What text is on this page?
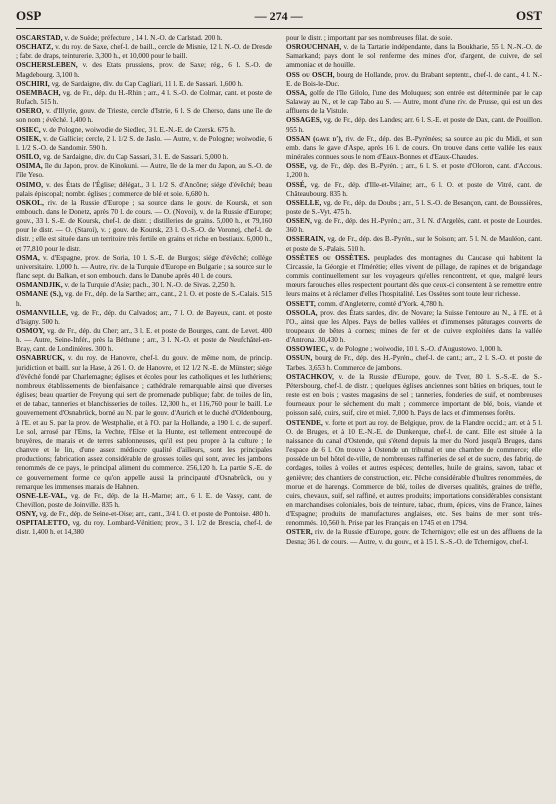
OSP	— 274 —	OST

OSCARSTAD, v. de Suède; préfecture , 14 l. N.-O. de Carlstad. 200 h.

OSCHATZ, v. du roy. de Saxe, chef-l. de baill., cercle de Misnie, 12 l. N.-O. de Dresde ; fabr. de draps, teinturerie. 3,300 h., et 10,000 pour le baill.

OSCHERSLEBEN, v. des Etats prussiens, prov. de Saxe; rég., 6 l. S.-O. de Magdebourg. 3,100 h.

OSCHIRI, vg. de Sardaigne, div. du Cap Cagliari, 11 l. E. de Sassari. 1,600 h.

OSEMBACH, vg. de Fr., dép. du H.-Rhin ; arr., 4 l. S.-O. de Colmar, cant. et poste de Rufach. 515 h.

OSERO, v. d'Illyrie, gouv. de Trieste, cercle d'Istrie, 6 l. S de Cherso, dans une île de son nom ; évêché. 1,400 h.

OSIEC, v. de Pologne, woiwodie de Siedlec, 3 l. E.-N.-E. de Czersk. 675 h.

OSIEK, v. de Gallicie; cercle, 2 l. 1/2 S. de Jaslo. — Autre, v. de Pologne; woiwodie, 6 l. 1/2 S.-O. de Sandomir. 590 h.

OSILO, vg. de Sardaigne, div. du Cap Sassari, 3 l. E. de Sassari. 5,000 h.

OSIMA, île du Japon, prov. de Kinokuni. — Autre, île de la mer du Japon, au S.-O. de l'île Yeso.

OSIMO, v. des États de l'Église; délégat., 3 l. 1/2 S. d'Ancône; siége d'évêché; beau palais épiscopal; nombr. églises ; commerce de blé et soie. 6,680 h.

OSKOL, riv. de la Russie d'Europe ; sa source dans le gouv. de Koursk, et son embouch. dans le Donetz, après 70 l. de cours. — O. (Novoi), v. de la Russie d'Europe; gouv., 33 l. S.-E. de Koursk, chef-l. de distr. ; distilleries de grains. 5,000 h., et 79,160 pour le distr. — O. (Staroi), v. ; gouv. de Koursk, 23 l. O.-S.-O. de Voronej, chef-l. de distr. ; elle est située dans un territoire très fertile en grains et riche en bestiaux. 6,000 h., et 77,810 pour le distr.

OSMA, v. d'Espagne, prov. de Soria, 10 l. S.-E. de Burgos; siége d'évêché; collège universitaire. 1,000 h. — Autre, riv. de la Turquie d'Europe en Bulgarie ; sa source sur le flanc sept. du Balkan, et son embouch. dans le Danube après 40 l. de cours.

OSMANDJIK, v. de la Turquie d'Asie; pach., 30 l. N.-O. de Sivas. 2,250 h.

OSMANE (S.), vg. de Fr., dép. de la Sarthe; arr., cant., 2 l. O. et poste de S.-Calais. 515 h.

OSMANVILLE, vg. de Fr., dép. du Calvados; arr., 7 l. O. de Bayeux, cant. et poste d'Isigny. 500 h.

OSMOY, vg. de Fr., dép. du Cher; arr., 3 l. E. et poste de Bourges, cant. de Levet. 400 h. — Autre, Seine-Infér., près la Béthune ; arr., 3 l. N.-O. et poste de Neufchâtel-en-Bray, cant. de Londinières. 300 h.

OSNABRUCK, v. du roy. de Hanovre, chef-l. du gouv. de même nom, de princip. juridiction et baill. sur la Hase, à 26 l. O. de Hanovre, et 12 1/2 N.-E. de Münster; siége d'évêché fondé par Charlemagne; églises et écoles pour les catholiques et les luthériens; nombreux établissements de bienfaisance ; cathédrale remarquable ainsi que diverses églises; beau quartier de Freyung qui sert de promenade publique; fabr. de toiles de lin, et de tabac, tanneries et blanchisseries de toiles. 12,300 h., et 116,760 pour le baill. Le gouvernement d'Osnabrück, borné au N. par le gouv. d'Aurich et le duché d'Oldenbourg, à l'E. et au S. par la prov. de Westphalie, et à l'O. par la Hollande, a 190 l. c. de superf. Le sol, arrosé par l'Ems, la Vechte, l'Else et la Hunte, est tellement entrecoupé de bruyères, de marais et de terres sablonneuses, qu'il est peu propre à la culture ; le chanvre et le lin, d'une assez médiocre qualité d'ailleurs, sont les principales productions; fabrication assez considérable de grosses toiles qui sont, avec les jambons renommés de ce pays, le principal aliment du commerce. 256,120 h. La partie S.-E. de ce gouvernement forme ce qu'on appelle aussi la principauté d'Osnabrück, ou y remarque les immenses marais de Hahnen.

OSNE-LE-VAL, vg. de Fr., dép. de la H.-Marne; arr., 6 l. E. de Vassy, cant. de Chevillon, poste de Joinville. 835 h.

OSNY, vg. de Fr., dép. de Seine-et-Oise; arr., cant., 3/4 l. O. et poste de Pontoise. 480 h.

OSPITALETTO, vg. du roy. Lombard-Vénitien; prov., 3 l. 1/2 de Brescia, chef-l. de distr. 1,400 h. et 14,380

pour le distr. ; important par ses nombreuses filat. de soie.

OSROUCHNAH, v. de la Tartarie indépendante, dans la Boukharie, 55 l. N.-N.-O. de Samarkand; pays dont le sol renferme des mines d'or, d'argent, de cuivre, de sel ammoniac et de houille.

OSS ou OSCH, bourg de Hollande, prov. du Brabant septentr., chef-l. de cant., 4 l. N.-E. de Bois-le-Duc.

OSSA, golfe de l'île Gilolo, l'une des Moluques; son entrée est déterminée par le cap Salaway au N., et le cap Tabo au S. — Autre, mont d'une riv. de Prusse, qui est un des affluens de la Vistule.

OSSAGES, vg. de Fr., dép. des Landes; arr. 6 l. S.-E. et poste de Dax, cant. de Pouillon. 955 h.

OSSAN (gave d'), riv. de Fr., dép. des B.-Pyrénées; sa source au pic du Midi, et son emb. dans le gave d'Aspe, après 16 l. de cours. On trouve dans cette vallée les eaux minérales connues sous le nom d'Eaux-Bonnes et d'Eaux-Chaudes.

OSSE, vg. de Fr., dép. des B.-Pyrén. ; arr., 6 l. S. et poste d'Oloron, cant. d'Accous. 1,200 h.

OSSÉ, vg. de Fr., dép. d'Ille-et-Vilaine; arr., 6 l. O. et poste de Vitré, cant. de Châteaubourg. 835 h.

OSSELLE, vg. de Fr., dép. du Doubs ; arr., 5 l. S.-O. de Besançon, cant. de Boussières, poste de S.-Vyt. 475 h.

OSSEN, vg. de Fr., dép. des H.-Pyrén.; arr., 3 l. N. d'Argelès, cant. et poste de Lourdes. 360 h.

OSSERAIN, vg. de Fr., dép. des B.-Pyrén., sur le Soison; arr. 5 l. N. de Mauléon, cant. et poste de S.-Palais. 510 h.

OSSÈTES ou OSSÈTES. peuplades des montagnes du Caucase qui habitent la Circassie, la Géorgie et l'Imérétie; elles vivent de pillage, de rapines et de brigandage commis continuellement sur les voyageurs qu'elles rencontrent, et que, malgré leurs mœurs farouches elles respectent pourtant dès que ceux-ci consentent à se remettre entre leurs mains et à réclamer d'elles l'hospitalité. Les Ossètes sont toute leur richesse.

OSSETT, comm. d'Angleterre, comté d'York. 4,780 h.

OSSOLA, prov. des États sardes, div. de Novare; la Suisse l'entoure au N., à l'E. et à l'O., ainsi que les Alpes. Pays de belles vallées et d'immenses pâturages couverts de troupeaux de bêtes à cornes; mines de fer et de cuivre exploitées dans la vallée d'Antrona. 30,430 h.

OSSOWIEC, v. de Pologne ; woiwodie, 10 l. S.-O. d'Augustowo. 1,000 h.

OSSUN, bourg de Fr., dép. des H.-Pyrén., chef-l. de cant.; arr., 2 l. S.-O. et poste de Tarbes. 3,653 h. Commerce de jambons.

OSTACHKOV, v. de la Russie d'Europe, gouv. de Tver, 80 l. S.-S.-E. de S.-Pétersbourg, chef-l. de distr. ; quelques églises anciennes sont bâties en briques, tout le reste est en bois ; vastes magasins de sel ; tanneries, fonderies de suif, et nombreuses fourneaux pour le séchement du malt ; commerce important de blé, bois, viande et poisson salé, cuirs, suif, cire et miel. 7,000 h. Pays de lacs et d'immenses forêts.

OSTENDE, v. forte et port au roy. de Belgique, prov. de la Flandre occid.; arr. et à 5 l. O. de Bruges, et à 10 E.-N.-E. de Dunkerque, chef-l. de cant. Elle est située à la naissance du canal d'Ostende, qui s'étend depuis la mer du Nord jusqu'à Bruges, dans l'espace de 6 l. On trouve à Ostende un tribunal et une chambre de commerce; elle possède un bel hôtel de-ville, de nombreuses raffineries de sel et de sucre, des fabriq. de cordages, toiles à voiles et autres espèces; dentelles, huile de grains, savon, tabac et genièvre; des chantiers de construction, etc. Pêche considérable d'huîtres renommées, de morue et de harengs. Commerce de blé, toiles de diverses qualités, graines de trèfle, cuirs, chevaux, suif, sel raffiné, et autres produits; importations considérables consistant en marchandises coloniales, bois de teinture, tabac, rhum, épices, vins de France, laines d'Espagne; produits de manufactures anglaises, etc. Ses bains de mer sont très-renommés. 10,560 h. Prise par les Français en 1745 et en 1794.

OSTER, riv. de la Russie d'Europe, gouv. de Tchernigov; elle est un des affluens de la Desna; 36 l. de cours. — Autre, v. du gouv., et à 15 l. S.-S.-O. de Tchernigov, chef-l.
